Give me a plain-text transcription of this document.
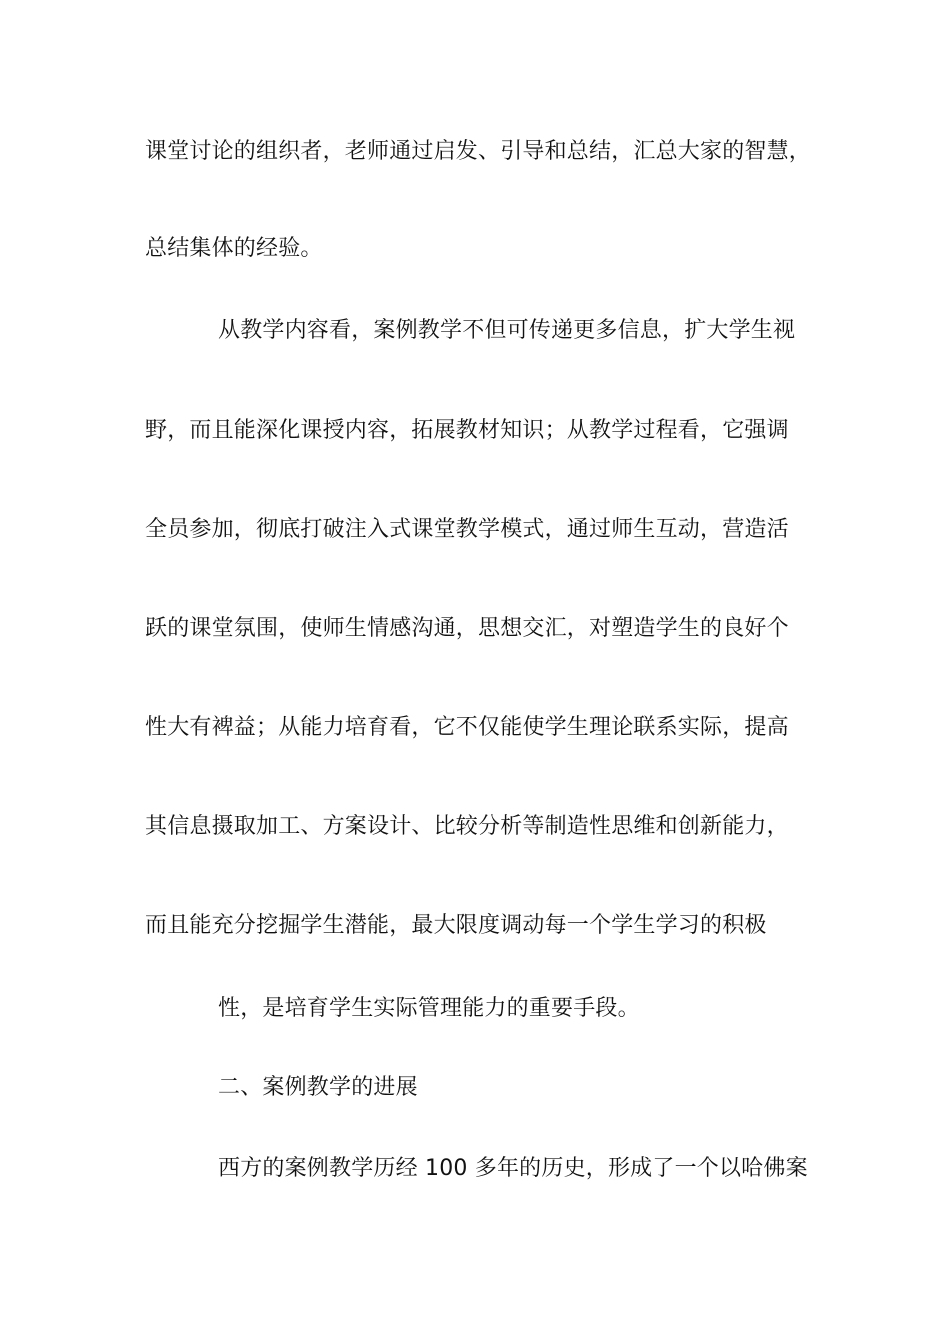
课堂讨论的组织者，老师通过启发、引导和总结，汇总大家的智慧，
总结集体的经验。
从教学内容看，案例教学不但可传递更多信息，扩大学生视
野，而且能深化课授内容，拓展教材知识；从教学过程看，它强调
全员参加，彻底打破注入式课堂教学模式，通过师生互动，营造活
跃的课堂氛围，使师生情感沟通，思想交汇，对塑造学生的良好个
性大有裨益；从能力培育看，它不仅能使学生理论联系实际，提高
其信息摄取加工、方案设计、比较分析等制造性思维和创新能力，
而且能充分挖掘学生潜能，最大限度调动每一个学生学习的积极
性，是培育学生实际管理能力的重要手段。
二、案例教学的进展
西方的案例教学历经 100 多年的历史，形成了一个以哈佛案
